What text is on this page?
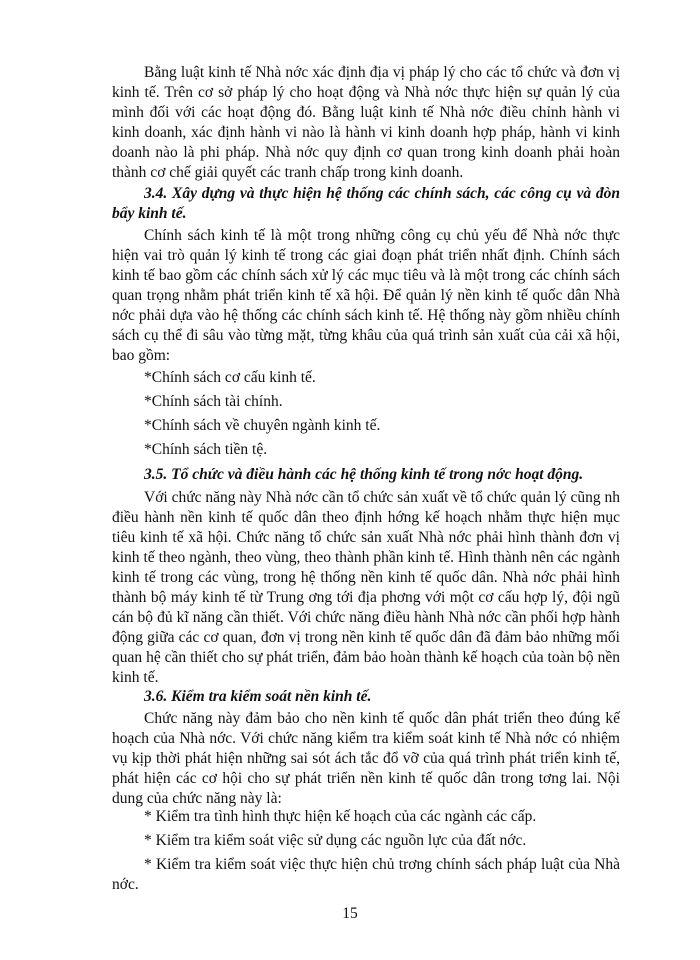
Bằng luật kinh tế Nhà nớc xác định địa vị pháp lý cho các tổ chức và đơn vị kinh tế. Trên cơ sở pháp lý cho hoạt động và Nhà nớc thực hiện sự quản lý của mình đối với các hoạt động đó. Bằng luật kinh tế Nhà nớc điều chỉnh hành vi kinh doanh, xác định hành vi nào là hành vi kinh doanh hợp pháp, hành vi kinh doanh nào là phi pháp. Nhà nớc quy định cơ quan trong kinh doanh phải hoàn thành cơ chế giải quyết các tranh chấp trong kinh doanh.

3.4. Xây dựng và thực hiện hệ thống các chính sách, các công cụ và đòn bẩy kinh tế.

Chính sách kinh tế là một trong những công cụ chủ yếu để Nhà nớc thực hiện vai trò quản lý kinh tế trong các giai đoạn phát triển nhất định. Chính sách kinh tế bao gồm các chính sách xử lý các mục tiêu và là một trong các chính sách quan trọng nhằm phát triển kinh tế xã hội. Để quản lý nền kinh tế quốc dân Nhà nớc phải dựa vào hệ thống các chính sách kinh tế. Hệ thống này gồm nhiều chính sách cụ thể đi sâu vào từng mặt, từng khâu của quá trình sản xuất của cải xã hội, bao gồm:

*Chính sách cơ cấu kinh tế.

*Chính sách tài chính.

*Chính sách về chuyên ngành kinh tế.

*Chính sách tiền tệ.

3.5. Tổ chức và điều hành các hệ thống kinh tế trong nớc hoạt động.

Với chức năng này Nhà nớc cần tổ chức sản xuất về tổ chức quản lý cũng nh điều hành nền kinh tế quốc dân theo định hớng kế hoạch nhằm thực hiện mục tiêu kinh tế xã hội. Chức năng tổ chức sản xuất Nhà nớc phải hình thành đơn vị kinh tế theo ngành, theo vùng, theo thành phần kinh tế. Hình thành nên các ngành kinh tế trong các vùng, trong hệ thống nền kinh tế quốc dân. Nhà nớc phải hình thành bộ máy kinh tế từ Trung ơng tới địa phơng với một cơ cấu hợp lý, đội ngũ cán bộ đủ kĩ năng cần thiết. Với chức năng điều hành Nhà nớc cần phối hợp hành động giữa các cơ quan, đơn vị trong nền kinh tế quốc dân đã đảm bảo những mối quan hệ cần thiết cho sự phát triển, đảm bảo hoàn thành kế hoạch của toàn bộ nền kinh tế.

3.6. Kiểm tra kiểm soát nền kinh tế.

Chức năng này đảm bảo cho nền kinh tế quốc dân phát triển theo đúng kế hoạch của Nhà nớc. Với chức năng kiểm tra kiểm soát kinh tế Nhà nớc có nhiệm vụ kịp thời phát hiện những sai sót ách tắc đổ vỡ của quá trình phát triển kinh tế, phát hiện các cơ hội cho sự phát triển nền kinh tế quốc dân trong tơng lai. Nội dung của chức năng này là:

* Kiểm tra tình hình thực hiện kế hoạch của các ngành các cấp.

* Kiểm tra kiểm soát việc sử dụng các nguồn lực của đất nớc.

* Kiểm tra kiểm soát việc thực hiện chủ trơng chính sách pháp luật của Nhà nớc.

15
